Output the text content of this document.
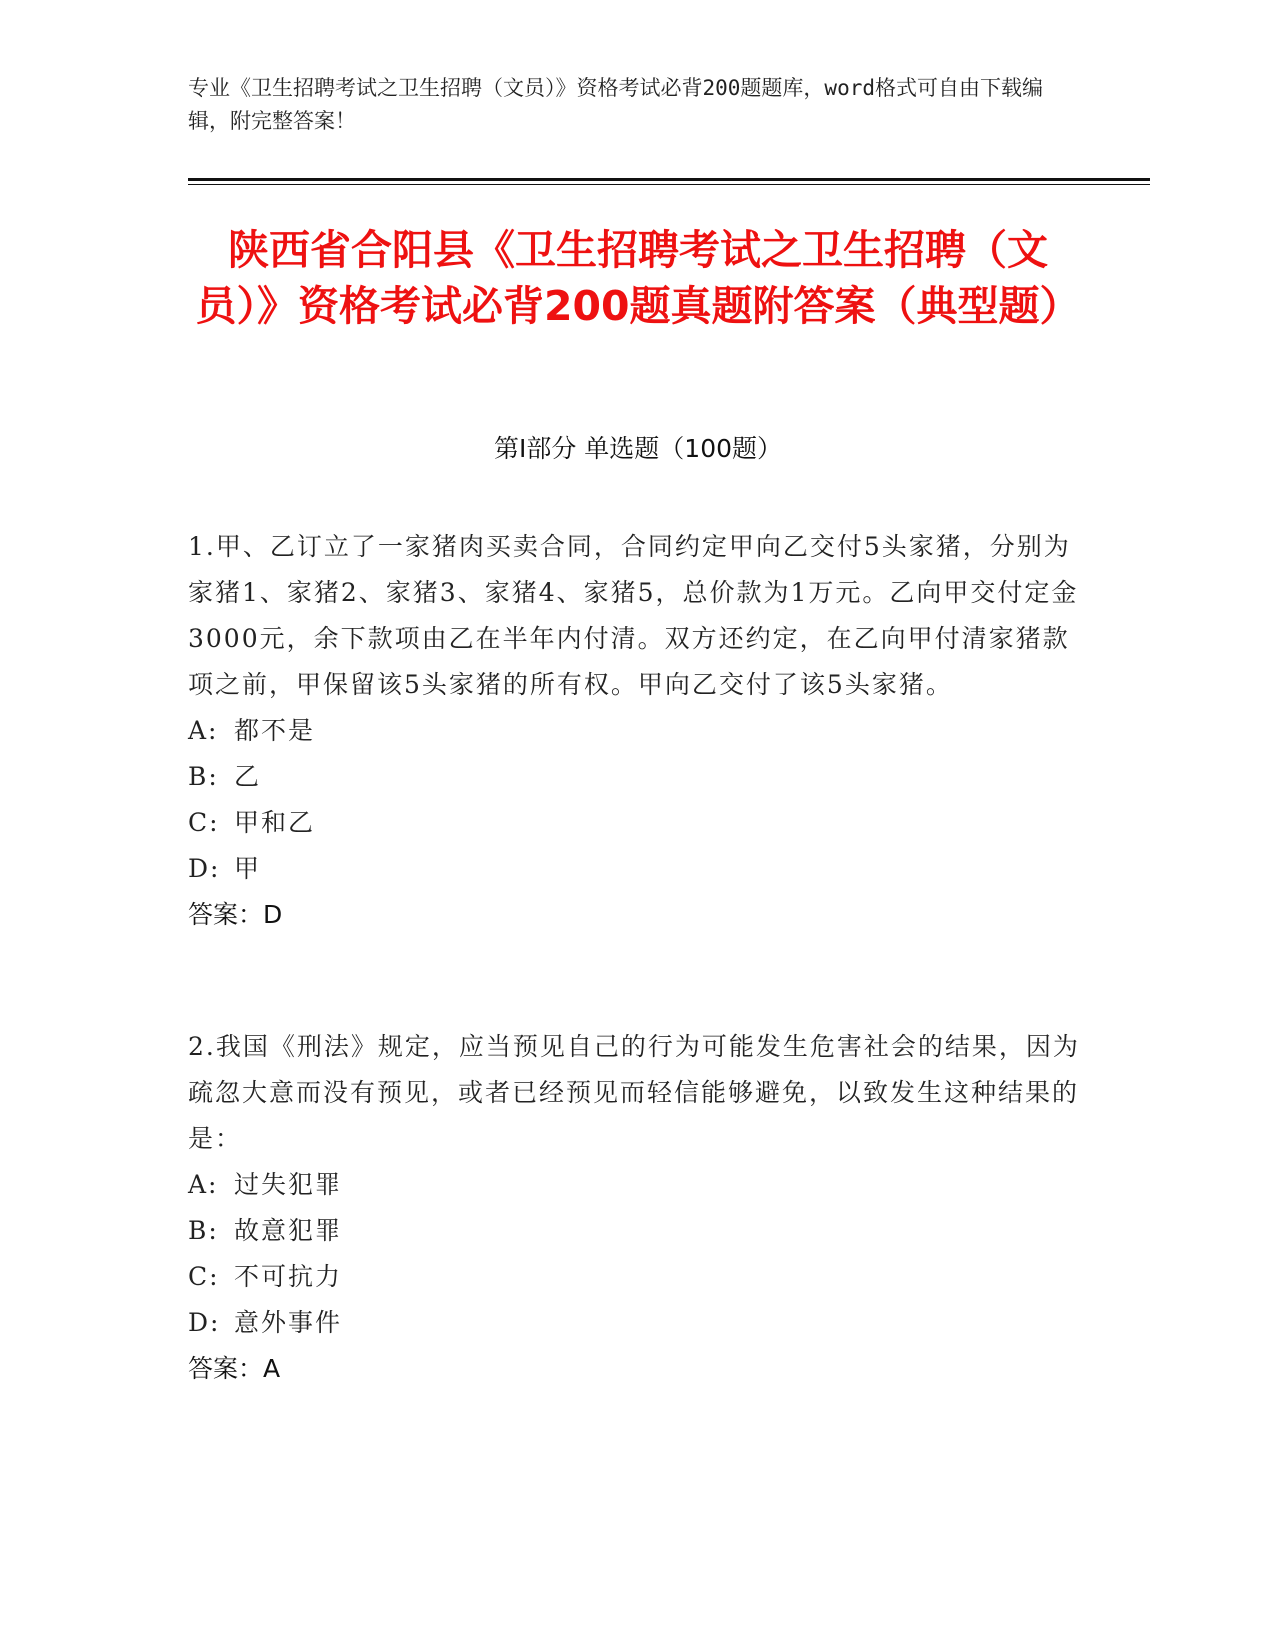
专业《卫生招聘考试之卫生招聘（文员）》资格考试必背200题题库，word格式可自由下载编辑，附完整答案！
陕西省合阳县《卫生招聘考试之卫生招聘（文员）》资格考试必背200题真题附答案（典型题）
第I部分 单选题（100题）
1.甲、乙订立了一家猪肉买卖合同，合同约定甲向乙交付5头家猪，分别为家猪1、家猪2、家猪3、家猪4、家猪5，总价款为1万元。乙向甲交付定金3000元，余下款项由乙在半年内付清。双方还约定，在乙向甲付清家猪款项之前，甲保留该5头家猪的所有权。甲向乙交付了该5头家猪。
A: 都不是
B: 乙
C: 甲和乙
D: 甲
答案：D
2.我国《刑法》规定，应当预见自己的行为可能发生危害社会的结果，因为疏忽大意而没有预见，或者已经预见而轻信能够避免，以致发生这种结果的是：
A: 过失犯罪
B: 故意犯罪
C: 不可抗力
D: 意外事件
答案：A
